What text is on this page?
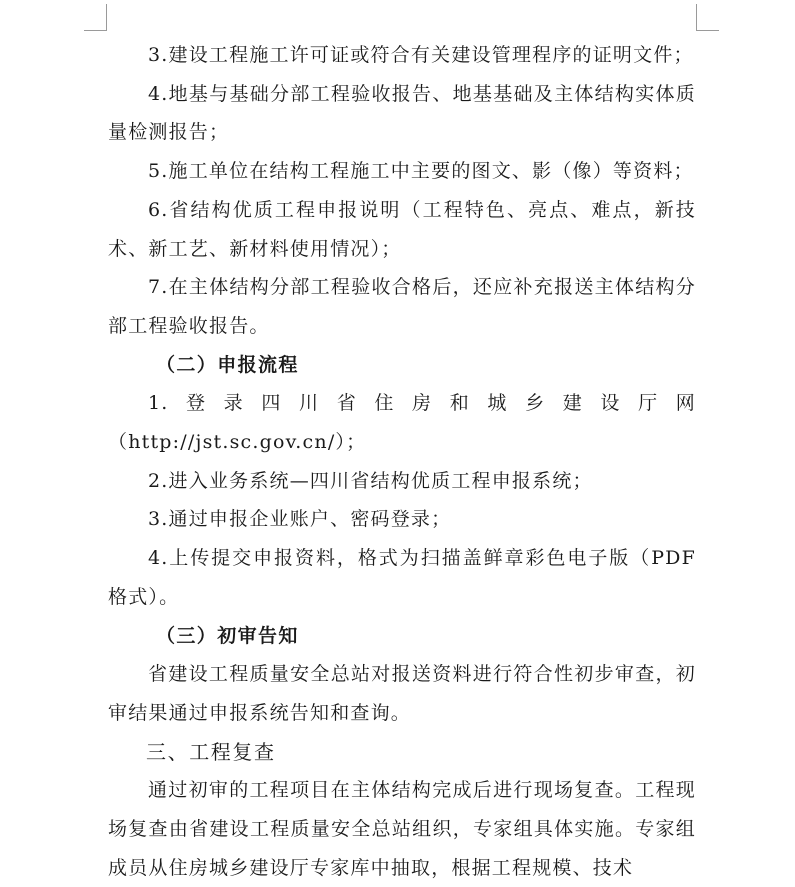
3.建设工程施工许可证或符合有关建设管理程序的证明文件；

4.地基与基础分部工程验收报告、地基基础及主体结构实体质量检测报告；

5.施工单位在结构工程施工中主要的图文、影（像）等资料；

6.省结构优质工程申报说明（工程特色、亮点、难点，新技术、新工艺、新材料使用情况）；

7.在主体结构分部工程验收合格后，还应补充报送主体结构分部工程验收报告。

（二）申报流程

1.登录四川省住房和城乡建设厅网（http://jst.sc.gov.cn/）；

2.进入业务系统—四川省结构优质工程申报系统；

3.通过申报企业账户、密码登录；

4.上传提交申报资料，格式为扫描盖鲜章彩色电子版（PDF格式）。

（三）初审告知

省建设工程质量安全总站对报送资料进行符合性初步审查，初审结果通过申报系统告知和查询。

三、工程复查

通过初审的工程项目在主体结构完成后进行现场复查。工程现场复查由省建设工程质量安全总站组织，专家组具体实施。专家组成员从住房城乡建设厅专家库中抽取，根据工程规模、技术
